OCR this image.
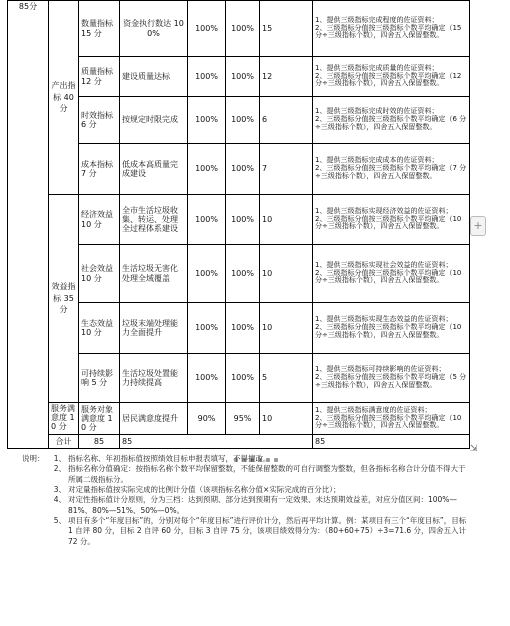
85分	产出指标 40 分	数量指标 15 分	资金执行数达 100%	100%	100%	15	1、提供三级指标完成程度的佐证资料；
2、三级指标分值按三级指标个数平均确定（15 分÷三级指标个数），四舍五入保留整数。	

		质量指标 12 分	建设质量达标	100%	100%	12	1、提供三级指标完成质量的佐证资料；
2、三级指标分值按三级指标个数平均确定（12 分÷三级指标个数），四舍五入保留整数。	

		时效指标 6 分	按规定时限完成	100%	100%	6	1、提供三级指标完成时效的佐证资料；
2、三级指标分值按三级指标个数平均确定（6 分÷三级指标个数），四舍五入保留整数。	

		成本指标 7 分	低成本高质量完成建设	100%	100%	7	1、提供三级指标完成成本的佐证资料；
2、三级指标分值按三级指标个数平均确定（7 分÷三级指标个数），四舍五入保留整数。	

	效益指标 35 分	经济效益 10 分	全市生活垃圾收集、转运、处理全过程体系建设	100%	100%	10	1、提供三级指标实现经济效益的佐证资料；
2、三级指标分值按三级指标个数平均确定（10 分÷三级指标个数），四舍五入保留整数。	

		社会效益 10 分	生活垃圾无害化处理全域覆盖	100%	100%	10	1、提供三级指标实现社会效益的佐证资料；
2、三级指标分值按三级指标个数平均确定（10 分÷三级指标个数），四舍五入保留整数。	

		生态效益 10 分	垃圾末端处理能力全面提升	100%	100%	10	1、提供三级指标实现生态效益的佐证资料；
2、三级指标分值按三级指标个数平均确定（10 分÷三级指标个数），四舍五入保留整数。	

		可持续影响 5 分	生活垃圾处置能力持续提高	100%	100%	5	1、提供三级指标可持续影响的佐证资料；
2、三级指标分值按三级指标个数平均确定（5 分÷三级指标个数），四舍五入保留整数。	

	服务满意度 10 分	服务对象满意度 10 分	居民满意度提升	90%	95%	10	1、提供三级指标满意度的佐证资料；
2、三级指标分值按三级指标个数平均确定（10 分÷三级指标个数），四舍五入保留整数。	

	合计	85	85				85	
+
⇲
说明：	1、 指标名称、年初指标值按照绩效目标申报表填写，不得擅改。
2、 指标名称分值确定：按指标名称个数平均保留整数，不能保留整数的可自行调整为整数，但各指标名称合计分值不得大于所属二级指标分。
3、 对定量指标值按实际完成的比例计分值（该项指标名称分值×实际完成的百分比）；
4、 对定性指标值计分原则，分为三档：达到预期、部分达到预期有一定效果、未达预期效益差，对应分值区间：100%—81%、80%—51%、50%—0%。
5、 项目有多个“年度目标”的，分别对每个“年度目标”进行评价计分，然后再平均计算。例：某项目有三个“年度目标”，目标 1 自评 80 分，目标 2 自评 60 分，目标 3 自评 75 分，该项目绩效得分为：（80+60+75）÷3=71.6 分，四舍五入计 72 分。
